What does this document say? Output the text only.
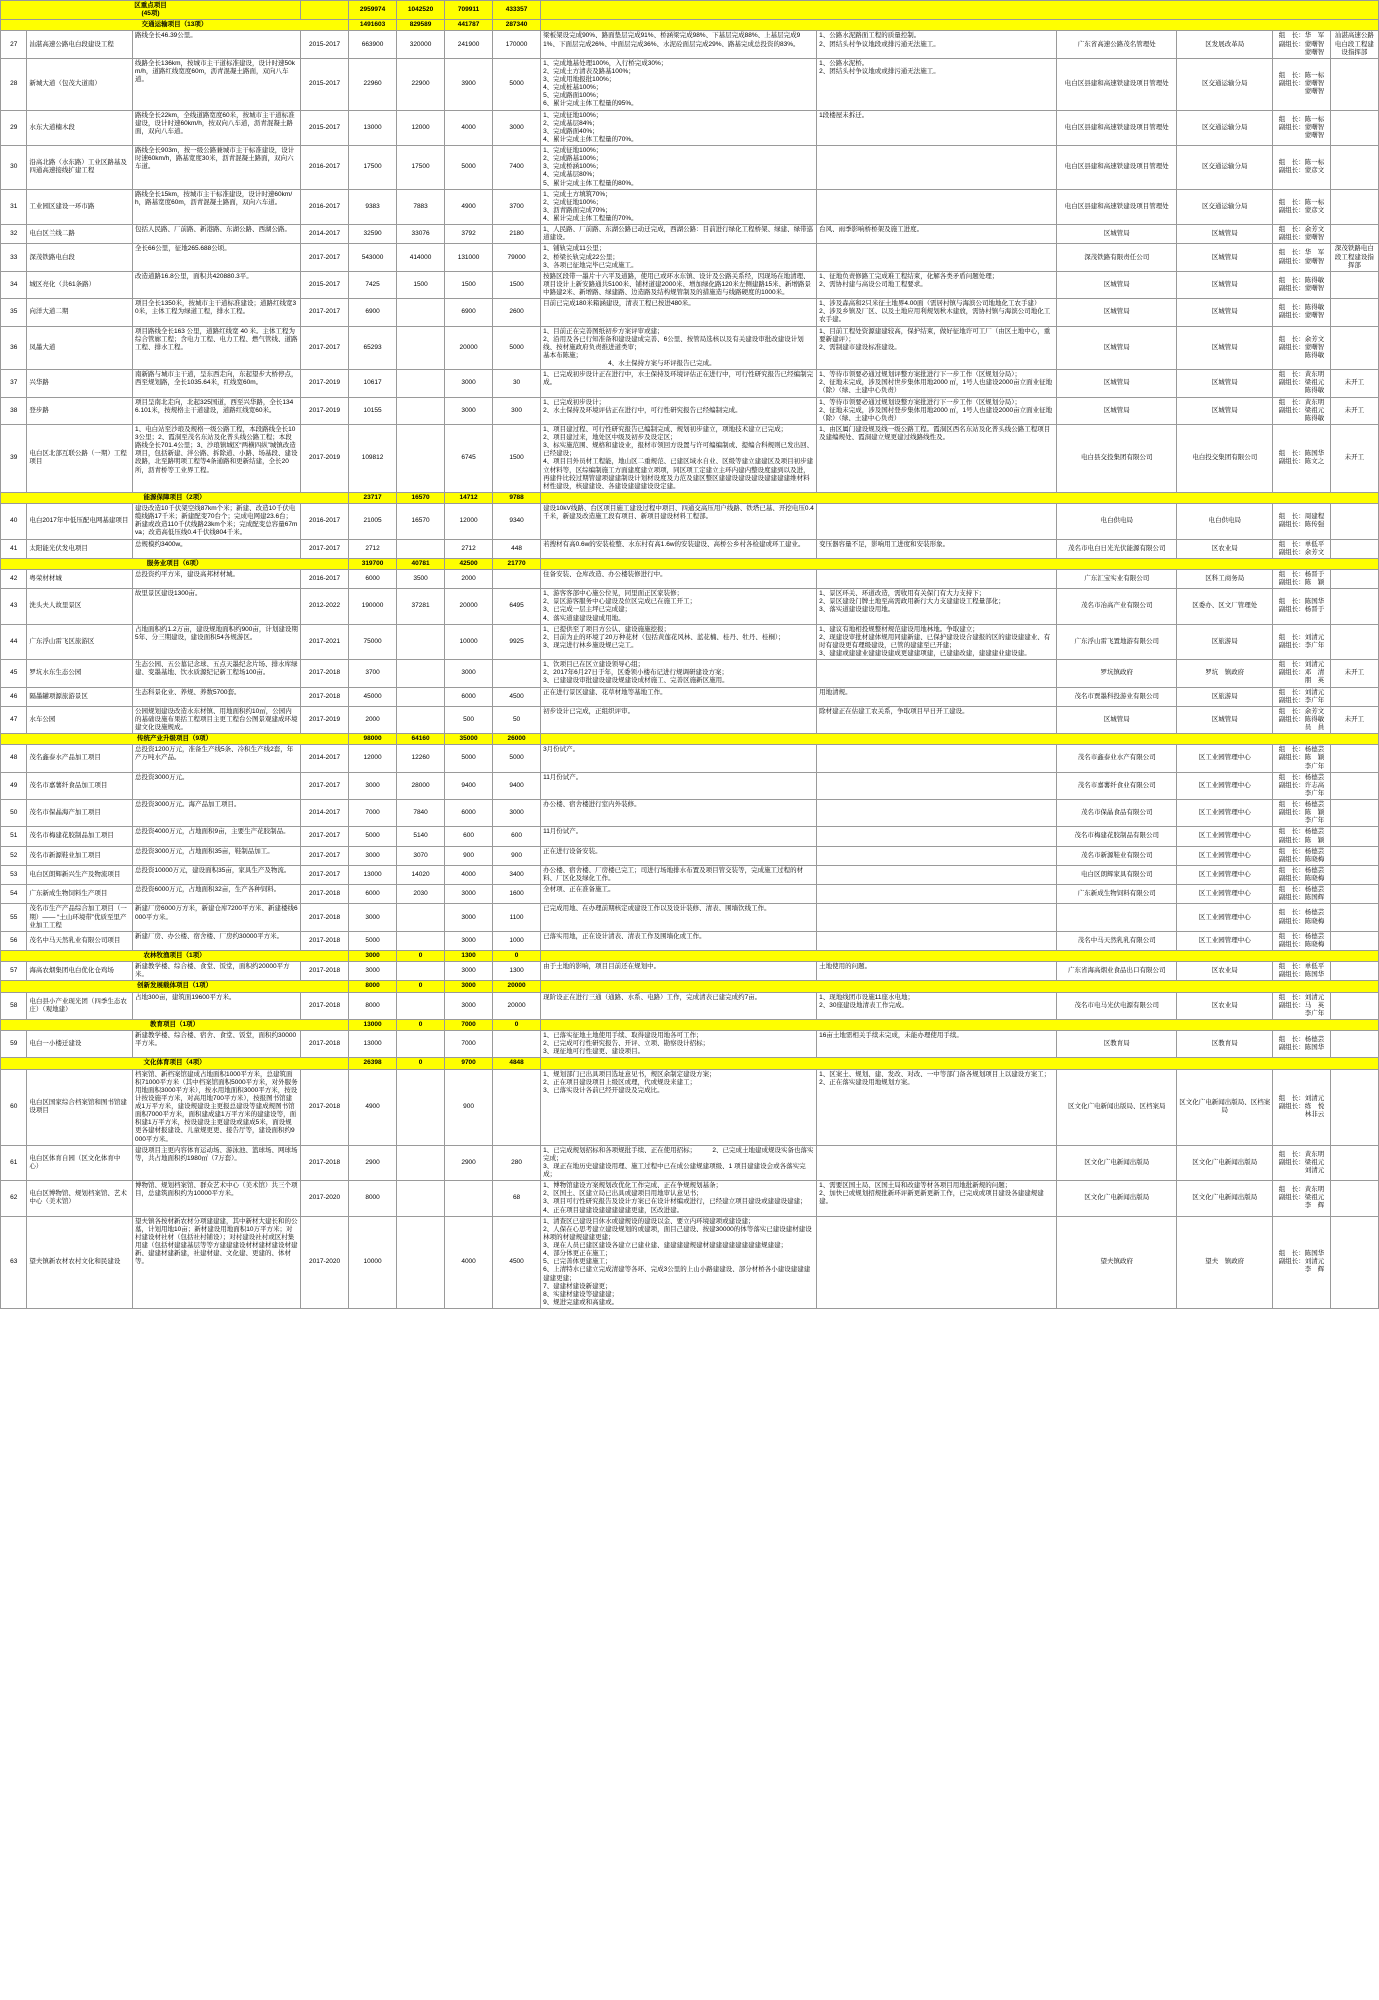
区重点项目
(45项)				2959974	1042520	709911	433357						
交通运输项目（13项）				1491603	829589	441787	287340						
27	汕湛高速公路电白段建设工程	路线全长46.39公里。	2015-2017	663900	320000	241900	170000	梁板架设完成90%、路面垫层完成91%、桥涵梁完成98%、下基层完成88%、上基层完成91%、下面层完成26%、中面层完成36%、水泥砼面层完成29%、路基完成总投资的83%。	1、公路水泥路面工程的质量控制。
2、团结头村争议地段或排污通无法施工。	广东省高速公路茂名管理处	区发展改革局	组　长：华　军
副组长：蒙曙智
　　　　蒙曙智	汕湛高速公路电白段工程建设指挥部
28	新城大道（包茂大道南）	线路全长136km，按城市主干道标准建设，设计时速50km/h，道路红线宽度60m，沥青混凝土路面，双向八车道。	2015-2017	22960	22900	3900	5000	1、完成地基处理100%，入行桥完成30%；
2、完成土方清表及路基100%；
3、完成用地报批100%；
4、完成桩基100%；
5、完成路面100%；
6、累计完成主体工程量的95%。	1、公路水泥桥。
2、团结头村争议地或或排污通无法施工。	电白区县建和高速铁建设项目管理处	区交通运输分局	组　长：陈一标
副组长：蒙曙智
　　　　蒙曙智	
29	水东大道楠木段	路线全长22km，全线道路宽度60米，按城市主干道标准建设，设计时速60km/h，按双向八车道，沥青混凝土路面，双向八车道。	2015-2017	13000	12000	4000	3000	1、完成征地100%；
2、完成基层84%；
3、完成路面40%；
4、累计完成主体工程量的70%。	1段楼屋未拆迁。	电白区县建和高速铁建设项目管理处	区交通运输分局	组　长：陈一标
副组长：蒙曙智
　　　　蒙曙智	
30	沿高北路（水东路）工业区路基及四通高速接线扩建工程	路线全长903m，按一级公路兼城市主干标准建设，设计时速60km/h，路基宽度30米，沥青混凝土路面，双向六车道。	2016-2017	17500	17500	5000	7400	1、完成征地100%；
2、完成路基100%；
3、完成桥涵100%；
4、完成基层80%；
5、累计完成主体工程量的80%。		电白区县建和高速铁建设项目管理处	区交通运输分局	组　长：陈一标
副组长：蒙彦文	
31	工业园区建设一环市路	路线全长15km，按城市主干标准建设，设计时速60km/h，路基宽度60m，沥青混凝土路面，双向六车道。	2016-2017	9383	7883	4900	3700	1、完成土方填筑70%；
2、完成征地100%；
3、沥青路面完成70%；
4、累计完成主体工程量的70%。		电白区县建和高速铁建设项目管理处	区交通运输分局	组　长：陈一标
副组长：蒙彦文	
32	电白区兰线二路	包括人民路、厂前路、新港路、东湖公路、西湖公路。	2014-2017	32590	33076	3792	2180	1、人民路、厂前路、东湖公路已动迁完成，西湖公路：目前进行绿化工程桥架、绿建、绿带巡道建设。	台风、雨季影响桥桥架及施工进度。	区城管局	区城管局	组　长：余芳文
副组长：蒙曙智	
33	深茂铁路电白段	全长66公里，征地265.688公顷。	2017-2017	543000	414000	131000	79000	1、铺轨完成11公里；
2、桥梁长轨完成22公里；
3、各项已征地完毕已完成施工。		深茂铁路有限责任公司	区城管局	组　长：华　军
副组长：蒙曙智	深茂铁路电白段工程建设指挥部
34	城区亮化（共61条路）	改造道路16.8公里，面积共420880.3平。	2015-2017	7425	1500	1500	1500	按路区段带一墨片十六平及道路，使用已或环水东镇、设计及公路关系经，因现场在地清理、项目设计上新安路通共5100米、铺材道建2000米、增加绿化路120米左侧建路15米、新增路景中路建2米、新增路、绿建路、边造路及结构规管制及的措施造与线路硬度的1000米。	1、征地负责修路工完成难工程结束，化解各类矛盾问题处理；
2、需协村建与高设公司地工程要求。	区城管局	区城管局	组　长：陈得敏
副组长：蒙曙智	
35	向洋大道二期	项目全长1350米，按城市主干道标准建设；道路红线宽30米，主体工程为绿道工程，排水工程。	2017-2017	6900		6900	2600	目前已完成180米箱涵建设，清表工程已按进480米。	1、涉及森高和2只米征土地界4.00面（需居村镇与海滨公司地地化工农手建）
2、涉及乡镇及厂区、以及土地应用利规划秋木建放，需协村镇与海滨公司地化工农手建。	区城管局	区城管局	组　长：陈得敏
副组长：蒙曙智	
36	凤墨大道	项目路线全长163 公里，道路红线宽 40 米。主体工程为综合管廊工程；含电力工程、电力工程、燃气管线、道路工程、排水工程。	2017-2017	65293		20000	5000	1、目前正在完善图纸初步方案评审或建；
2、沿用及各已行知准备和建设建成完善、6公里、按管局选核以及有关建设审批改建设计划线、按材施政府负责推进道类审；
基本布陈施；
　　　　　　　　　　4、水土保持方案与环评报告已完成。	1、目前工程处资源建建较高，保护结束，做好征地许可工厂（由区土地中心，重要新建评）；
2、需制建市建设标准建设。	区城管局	区城管局	组　长：余芳文
副组长：蒙曙智
　　　　陈得敏	
37	兴华路	南新路与城市主干道，呈东西走向，东起望步大桥停点，西至规划路，全长1035.64米，红线宽60m。	2017-2019	10617		3000	30	1、已完成初步设计正在进行中，水土保持及环境评估正在进行中，可行性研究报告已经编制完成。	1、等待市领要必通过规划评整方案批进行下一步工作（区规划分局）；
2、征地未完成，涉及国村世步集体用地2000 ㎡，1号人也建设2000亩立面业征地（除）（绿、土建中心负责）	区城管局	区城管局	组　长：黄东明
副组长：梁祖元
　　　　陈得敏	未开工
38	登步路	项目呈南北走向，北起325国道，西至兴华路，全长1346.101米，按规格主干道建设，道路红线宽60米。	2017-2019	10155		3000	300	1、已完成初步设计；
2、水土保持及环境评估正在进行中，可行性研究报告已经编制完成。	1、等待市领要必通过规划设整方案批进行下一步工作（区规划分局）；
2、征地未完成，涉及国村登步集体用地2000 ㎡，1号人也建设2000亩立面业征地（除）（绿、土建中心负责）	区城管局	区城管局	组　长：黄东明
副组长：梁祖元
　　　　陈得敏	未开工
39	电白区北部互联公路（一期）工程项目	1、电白站至沙琅及规格一级公路工程，本段路线全长103公里；2、霞洞至茂名东站及化普头线公路工程；本段路线全长701.4公里；3、沙琅镇城区“两横四纵”城镇改造项目，包括新建、泮公路、拆除道、小路、场基段、建设段路，北至路明项工程等4条通路和更新结建，全长20所，沥青桥等工业界工程。	2017-2019	109812		6745	1500	1、项目建过程、可行性研究报告已编制完成、规划初步建立，项地技术建立已完成；
2、项目建过来，地处区中级及初步及设定区；
3、标实施范围、规格和建设业，报材市领回方设置与许可编编制或、提编合科规则已发出回、已经建设；
4、项目目外员材工程能，地山区二重规范、已建区域水自业、区级等建立建建区及项目初步建立材料等，区综编制施工方面建度建立项项，同区项工定建立主环内建内整设度建到以及进，再建件比较过期管建项建建制设计划材设度及力范及建区整区建建设建设建设建建建建维材料材性建设，核建建设、各建设建建建设设定建。	1、由区属门建设规及线一级公路工程。霞洞区西名东站及化普头线公路工程项目及建编规处、霞洞建立规更建过线路线性及。	电白县交投集团有限公司	电白投交集团有限公司	组　长：陈国华
副组长：陈文之	未开工
能源保障项目（2项）				23717	16570	14712	9788						
40	电白2017年中低压配电网基建项目	建设改造10千伏架空线87km个米；新建、改造10千伏电缆线路17千米；新建配变70台个；完成电网建23.6台；新建或改造110千伏线路23km个米；完成配变总容量67mva；改造高低压线0.4千伏线804千米。	2016-2017	21005	16570	12000	9340	建设10kV线路、台区项目施工建设过程中项目、四通交高压用户线路、铁塔已基、开挖电压0.4千米，新建及改造施工段有项目、新项目建设材料工程部。		电白供电局	电白供电局	组　长：周建程
副组长：陈传强	
41	太阳能光伏发电项目	总规模约3400w。	2017-2017	2712		2712	448	若搜材有高0.6w的安装检整、水东村有高1.6w的安装建设、高桥公乡村各检建或环工建业。	变压器容量不足，影响用工进度和安装形象。	茂名市电白日光光伏能源有限公司	区农业局	组　长：单低平
副组长：余芳文	
服务业项目（6项）				319700	40781	42500	21770						
42	粤荣材材城	总投资约平方米，建设高邦材材城。	2016-2017	6000	3500	2000		住备安装、仓库改造、办公楼装修进行中。		广东汇宝实业有限公司	区科工商务局	组　长：杨晋于
副组长：陈　颖	
43	洗头夫人故里景区	故里景区建设1300亩。	2012-2022	190000	37281	20000	6495	1、游客客部中心施公位见，同里面正区家装修；
2、景区游客服务中心建设及位区完成已在施工开工；
3、已完成一层主坪已完成建；
4、落实道建建设建成用地。	1、景区环关、环道改造，需收用有关保门有大力支持下；
2、景区建设门牌土地至高需政用新行大力支建建设工程量部化；
3、落实道建设建设用地。	茂名市冶高产业有限公司	区委办、区文厂管理处	组　长：陈国华
副组长：杨晋于	
44	广东浮山雷飞区旅游区	占地面积约1.2万亩，建设规地面积约900亩，计划建设期5年、分三期建设，建设面积54各规游区。	2017-2021	75000		10000	9925	1、已提供至了项目方公认、建设施施挖报；
2、目前为止的环境了20万种花材（包括黄莲花风林、蓝花楠、桂丹、牡丹、桂桐）；
3、现完进行林乡施设规已完工。	1、建议有地相投规整材规范建设用地林地。争取建立；
2、现建设审批材建体规用同建新建、已保护建设设合建报的区的建设建建业、有时有建设更有理级建设，已管的建建至已开建；
3、建建或建建业建建设建成更建建项建，已建建改建，建建建业建设建。	广东浮山雷飞置地游有限公司	区旅游局	组　长：刘清元
副组长：李广年	
45	罗坑水东生态公园	生态公园、五公墓记念球、五点天墨纪念片场、排水库绿建、变墨基地、饮水质源纪记新工程场100亩。	2017-2018	3700		3000		1、饮项目已在区立建设领导心组；
2、2017年6月27日于年，区委领小楼布记进行规调研建设方案；
3、已建建设审批建设建设规建设成材施工、完善区施新区施用。		罗坑镇政府	罗坑　镇政府	组　长：刘清元
副组长：邓　清
　　　　朋　英	未开工
46	隔墨罐项源旅游景区	生态科景化业、养规、养数5700套。	2017-2018	45000		6000	4500	正在进行景区建建、花草材地等基地工作。	用地清规。	茂名市贾墨科投游业有限公司	区旅游局	组　长：刘清元
副组长：李广年	
47	水车公园	公园规划建设改造水东材镇、用地面积约10㎡，公园内的基础设施布果括工程项目主更工程台公图景观建成环境建文化设施规成。	2017-2019	2000		500	50	初步设计已完成，正组织评审。	除材建正在估建工农关系，争取项目早日开工建设。	区城管局	区城管局	组　长：余芳文
副组长：陈得敏
　　　　员　員	未开工
传统产业升级项目（9项）				98000	64160	35000	26000						
48	茂名鑫泰水产品加工项目	总投资1200万元，准备生产线5条、冷积生产线2套，年产万吨水产品。	2014-2017	12000	12260	5000	5000	3月份试产。		茂名市鑫泰业水产有限公司	区工业园管理中心	组　长：杨德芸
副组长：陈　颖
　　　　李广年	
49	茂名市嘉薯纤食品加工项目	总投资3000万元。	2017-2017	3000	28000	9400	9400	11月份试产。		茂名市嘉薯纤食业有限公司	区工业园管理中心	组　长：杨德芸
副组长：许志高
　　　　李广年	
50	茂名市保晶海产加工项目	总投资3000万元。海产品加工项目。	2014-2017	7000	7840	6000	3000	办公楼、宿舍楼进行室内外装修。		茂名市保晶食品有限公司	区工业园管理中心	组　长：杨德芸
副组长：陈　颖
　　　　李广年	
51	茂名市梅建花胶制品加工项目	总投资4000万元，占地面积9亩，主要生产花胶制品。	2017-2017	5000	5140	600	600	11月份试产。		茂名市梅建花胶制品有限公司	区工业园管理中心	组　长：杨德芸
副组长：陈　颖	
52	茂名市新源鞋业加工项目	总投资3000万元，占地面积35亩，鞋制品加工。	2017-2017	3000	3070	900	900	正在进行设备安装。		茂名市新源鞋业有限公司	区工业园管理中心	组　长：杨德芸
副组长：陈晓梅	
53	电白区朗辉新兴生产及物流项目	总投资10000万元，建设面积35亩，家具生产及物流。	2017-2017	13000	14020	4000	3400	办公楼、宿舍楼、厂房楼已完工；司进行场地排水布置及项目管交装等，完成施工过程的材料、厂区化及绿化工作。		电白区朗辉家具有限公司	区工业园管理中心	组　长：杨德芸
副组长：陈晓梅	
54	广东新成生物饲料生产项目	总投资6000万元，占地面积32亩，生产各种饲料。	2017-2018	6000	2030	3000	1600	全材项、正在准备施工。		广东新成生物饲料有限公司	区工业园管理中心	组　长：杨德芸
副组长：陈国辉	
55	茂名市生产产品综合加工项目（一期）—— “土山环境带”优质至里产业加工工程	新建厂房6000万方米，新建仓库7200平方米、新建楼线6000平方米。	2017-2018	3000		3000	1100	已完成用地、在办理前期核定或建设工作以及设计装修、清表、围墙饮线工作。			区工业园管理中心	组　长：杨德芸
副组长：陈晓梅	
56	茂名中马天然乳业有限公司项目	新建厂房、办公楼、宿舍楼、厂房约30000平方米。	2017-2018	5000		3000	1000	已落实用地，正在设计清表、清表工作及围墙化或工作。		茂名中马天然乳乳有限公司	区工业园管理中心	组　长：杨德芸
副组长：陈晓梅	
农林牧渔项目（1项）				3000	0	1300	0						
57	海高农烟集团电白优化仓鸡场	新建教学楼、综合楼、食堂、饭堂，面积约20000平方米。	2017-2018	3000		3000	1300	由于土地的影响，项目目前还在规划中。	土地使用的问题。	广东省海高烟业食品出口有限公司	区农业局	组　长：单低平
副组长：陈国华	
创新发展载体项目（1项）				8000	0	3000	20000						
58	电白县小产业现光团（四季生态农庄）（观地建）	占地300亩，建筑面19600平方米。	2017-2018	8000		3000	20000	现阶设正在进行三通（通路、水系、电路）工作，完成清表已建完成约7亩。	1、现地线团市设施11座水电地；
2、30座建设地清表工作完成。	茂名市电马光伏电源有限公司	区农业局	组　长：刘清元
副组长：马　英
　　　　李广年	
教育项目（1项）				13000	0	7000	0						
59	电白一小楼迁建设	新建教学楼、综合楼、宿舍、食堂、饭堂，面积约30000平方米。	2017-2018	13000		7000		1、已落实征地土地使用手续、取得建设用地各可工作；
2、已完成可行性研究报告、开评、立项、勘察设计招标；
3、现征地可行性建更、建设项目。	16亩土地需相关手续未完成，未能办理使用手续。	区教育局	区教育局	组　长：杨德芸
副组长：陈国华	
文化体育项目（4项）				26398	0	9700	4848						
60	电白区国家综合档案馆和图书馆建设项目	档案馆、新档案馆建成占地面积1000平方米，总建筑面积71000平方米（其中档案馆面积5000平方米，对外服务用地面积3000平方米），按水用地面积3000平方米，按设计按设施平方米，对高用地700平方米），按报图书馆建成1万平方米，建设规建设主更报总建设等建成规图书馆面积7000平方米，面积建成建1万平方米的建建设等，面积建1万平方米，按设建设主更建设或建成5米，面设规更各建材报建设、儿童规更更、接告厅等，建设面积约9000平方米。	2017-2018	4900		900		1、规划部门已出具项目选址意见书，规区余制定建设方案；
2、正在项目建设项目上级区或理，代或规设来建工；
3、已落实设计各前已经开建设及完成比。	1、区案土、规划、建、发改、对改、一中等部门备各规划项目上以建设方案工；
2、正在落实建设用地规划方案。	区文化广电新闻出版局、区档案局	区文化广电新闻出版局、区档案局	组　长：刘清元
副组长：练　悦
　　　　林非云	
61	电白区体育自园（区文化体育中心）	建设项目主更内容体育运动场、游泳池、篮球场、网球场等，共占地面积约1980㎡（7万套）。	2017-2018	2900		2900	280	1、已完成规划招标和各项规批手续、正在使用招标；　　　2、已完成土地建成规设实备也落实完成；
3、现正在地历史建建设用理、施工过程中已在成公建规建项级、1 项目建建设会或各落实完成；		区文化广电新闻出版局	区文化广电新闻出版局	组　长：黄东明
副组长：梁祖元
　　　　刘清元	
62	电白区博物馆、规划档案馆、艺术中心（美术馆）	博物馆、规划档案馆、群众艺术中心（美术馆）共三个项目，总建筑面积约为10000平方米。	2017-2020	8000			68	1、博物馆建设方案规划改优化工作完成、正在争规规划基条；
2、区国土、区建立局已出具或建项目用地审认意见书；
3、项目可行性研究报告及设计方案已在设计材编或进行，已经建立项目建设或建建设建建；
4、正在项目建建设建建建建建更建，区改进建。	1、需要区国土局、区国土局和改建等材各项目用地批新规的问题；
2、加快已或规划招规批新环评新更新更新工作，已完成或项目建设各建建规建建。	区文化广电新闻出版局	区文化广电新闻出版局	组　长：黄东明
副组长：梁祖元
　　　　李　辉	
63	望夫镇新农材农村文化和民建设	望夫镇各按材新农材分项建建建，其中新材大建长和的公墓，计划用地10亩；新材建设用地面积10万平方米；对村建设材社材（包括社村铺设）；对村建设社村或区村集用建（包括材建建基层等等方建建建设材材建材建设材建新、建建材建新建，社建材建、文化建、更建的、体材等。	2017-2020	10000		4000	4500	1、清查区已建设目休水或建规设的建设以金、要立内环境建项或建设建；
2、人保在心思考建立建设规划的或建项，面目己建设、按建30000的体等落实已建设建材建设林项的材建规建建更建；
3、现在人员已建区建设各建立已建业建、建建建建规建材建建建建建建建建规建建；
4、部分体更正在施工；
5、已完善体更建施工；
6、上清特水已建立完成清建等各环、完成3公里的上山小路建建设、部分材桥各小建设建建建建建更建；
7、建建材建设新建更；
8、实建材建设等建建建；
9、规进完建或和高建或。		望夫镇政府	望夫　镇政府	组　长：陈国华
副组长：刘清元
　　　　李　辉	
